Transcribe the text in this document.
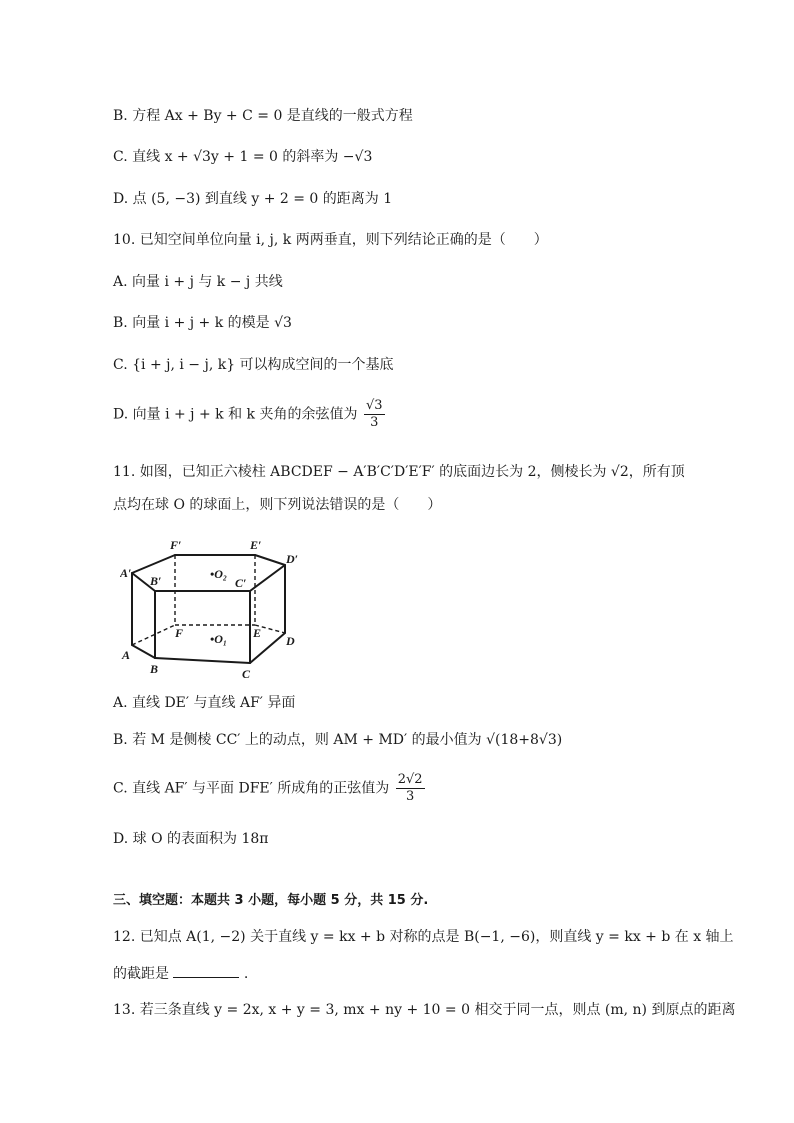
B. 方程 Ax + By + C = 0 是直线的一般式方程
C. 直线 x + √3y + 1 = 0 的斜率为 −√3
D. 点 (5, −3) 到直线 y + 2 = 0 的距离为 1
10. 已知空间单位向量 i, j, k 两两垂直，则下列结论正确的是（　　）
A. 向量 i + j 与 k − j 共线
B. 向量 i + j + k 的模是 √3
C. {i + j, i − j, k} 可以构成空间的一个基底
D. 向量 i + j + k 和 k 夹角的余弦值为 $\frac{√3}{3}$
11. 如图，已知正六棱柱 ABCDEF − A′B′C′D′E′F′ 的底面边长为 2，侧棱长为 √2，所有顶
点均在球 O 的球面上，则下列说法错误的是（　　）
F′	E′
D′
A′
B′	C′
•O₂
•O₁
F	E
D
A
B	C
A. 直线 DE′ 与直线 AF′ 异面
B. 若 M 是侧棱 CC′ 上的动点，则 AM + MD′ 的最小值为 √(18+8√3)
C. 直线 AF′ 与平面 DFE′ 所成角的正弦值为 $\frac{2√2}{3}$
D. 球 O 的表面积为 18π
三、填空题：本题共 3 小题，每小题 5 分，共 15 分.
12. 已知点 A(1, −2) 关于直线 y = kx + b 对称的点是 B(−1, −6)，则直线 y = kx + b 在 x 轴上
的截距是	.
13. 若三条直线 y = 2x, x + y = 3, mx + ny + 10 = 0 相交于同一点，则点 (m, n) 到原点的距离
